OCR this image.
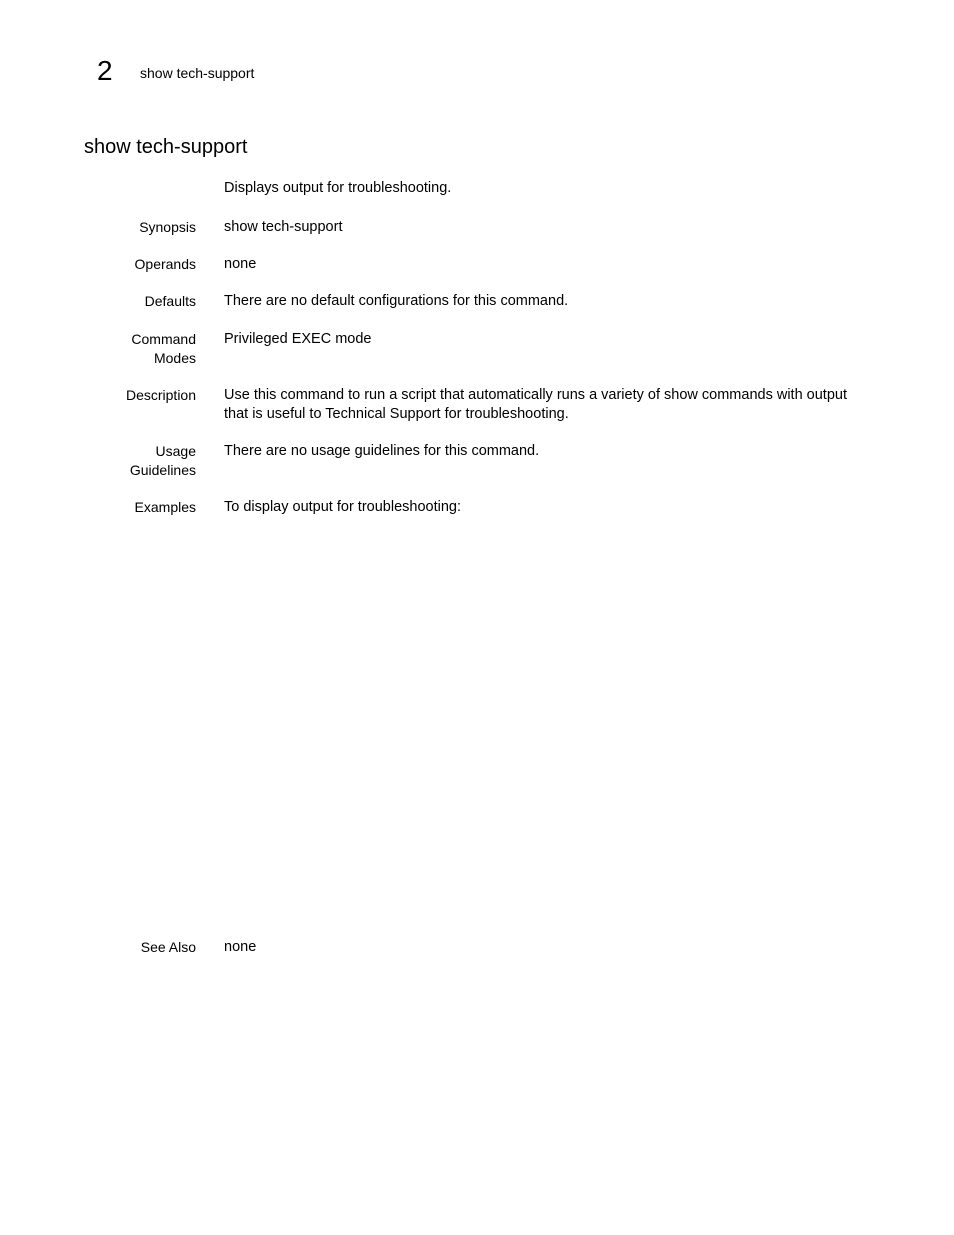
2 show tech-support
show tech-support
Displays output for troubleshooting.
Synopsis show tech-support
Operands none
Defaults There are no default configurations for this command.
Command
Modes
Privileged EXEC mode
Description Use this command to run a script that automatically runs a variety of show commands with output
that is useful to Technical Support for troubleshooting.
Usage
Guidelines
There are no usage guidelines for this command.
Examples To display output for troubleshooting:
See Also none
